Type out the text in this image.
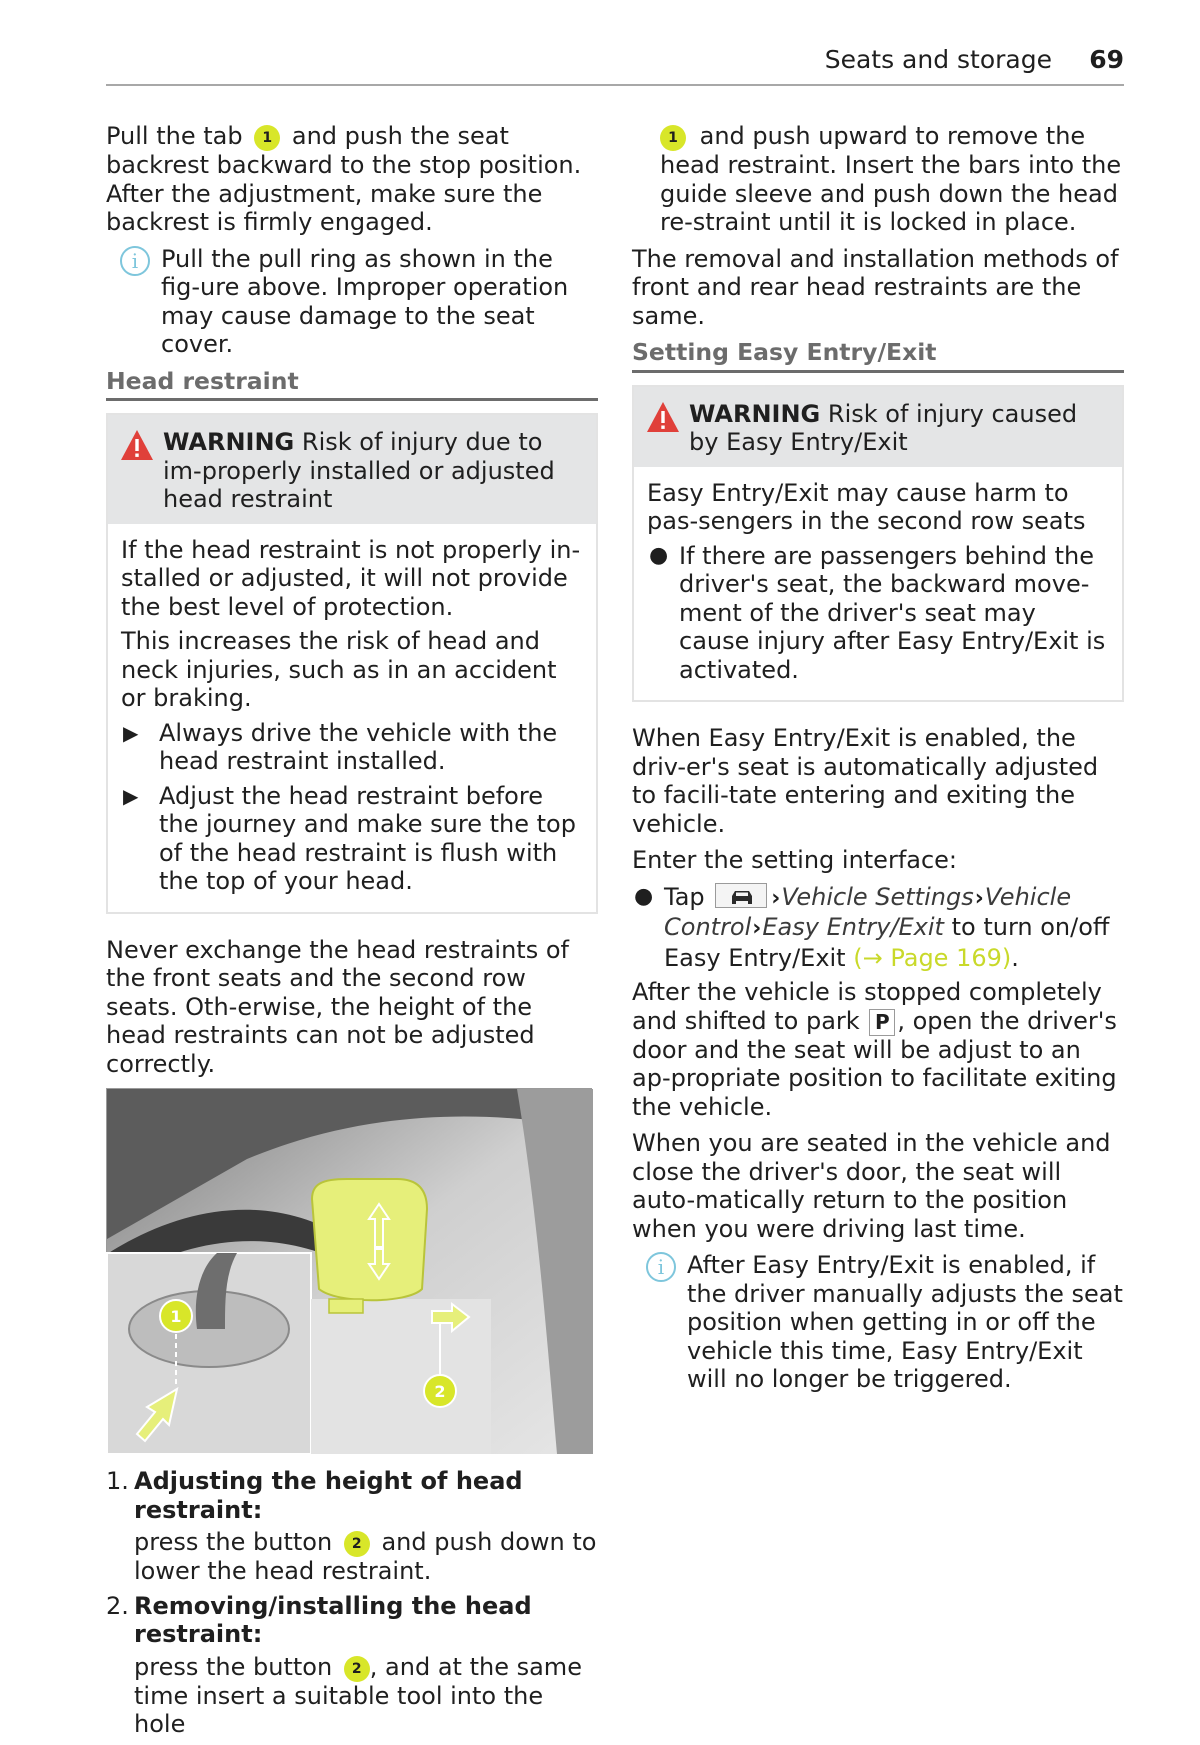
Seats and storage 69

Pull the tab 1 and push the seat backrest backward to the stop position. After the adjustment, make sure the backrest is firmly engaged.

i Pull the pull ring as shown in the fig-ure above. Improper operation may cause damage to the seat cover.
Head restraint
WARNING Risk of injury due to im-properly installed or adjusted head restraint

If the head restraint is not properly in-stalled or adjusted, it will not provide the best level of protection.

This increases the risk of head and neck injuries, such as in an accident or braking.

▶ Always drive the vehicle with the head restraint installed.
▶ Adjust the head restraint before the journey and make sure the top of the head restraint is flush with the top of your head.

Never exchange the head restraints of the front seats and the second row seats. Oth-erwise, the height of the head restraints can not be adjusted correctly.

1
2
1. Adjusting the height of head restraint:
press the button 2 and push down to lower the head restraint.
2. Removing/installing the head restraint:
press the button 2 , and at the same time insert a suitable tool into the hole

1 and push upward to remove the head restraint. Insert the bars into the guide sleeve and push down the head re-straint until it is locked in place.

The removal and installation methods of front and rear head restraints are the same.

Setting Easy Entry/Exit
WARNING Risk of injury caused by Easy Entry/Exit

Easy Entry/Exit may cause harm to pas-sengers in the second row seats

● If there are passengers behind the driver's seat, the backward move-ment of the driver's seat may cause injury after Easy Entry/Exit is activated.

When Easy Entry/Exit is enabled, the driv-er's seat is automatically adjusted to facili-tate entering and exiting the vehicle.

Enter the setting interface:

● Tap	›Vehicle Settings›Vehicle Control›Easy Entry/Exit to turn on/off Easy Entry/Exit (→ Page 169).

After the vehicle is stopped completely and shifted to park P , open the driver's door and the seat will be adjust to an ap-propriate position to facilitate exiting the vehicle.

When you are seated in the vehicle and close the driver's door, the seat will auto-matically return to the position when you were driving last time.

i After Easy Entry/Exit is enabled, if the driver manually adjusts the seat position when getting in or off the vehicle this time, Easy Entry/Exit will no longer be triggered.
